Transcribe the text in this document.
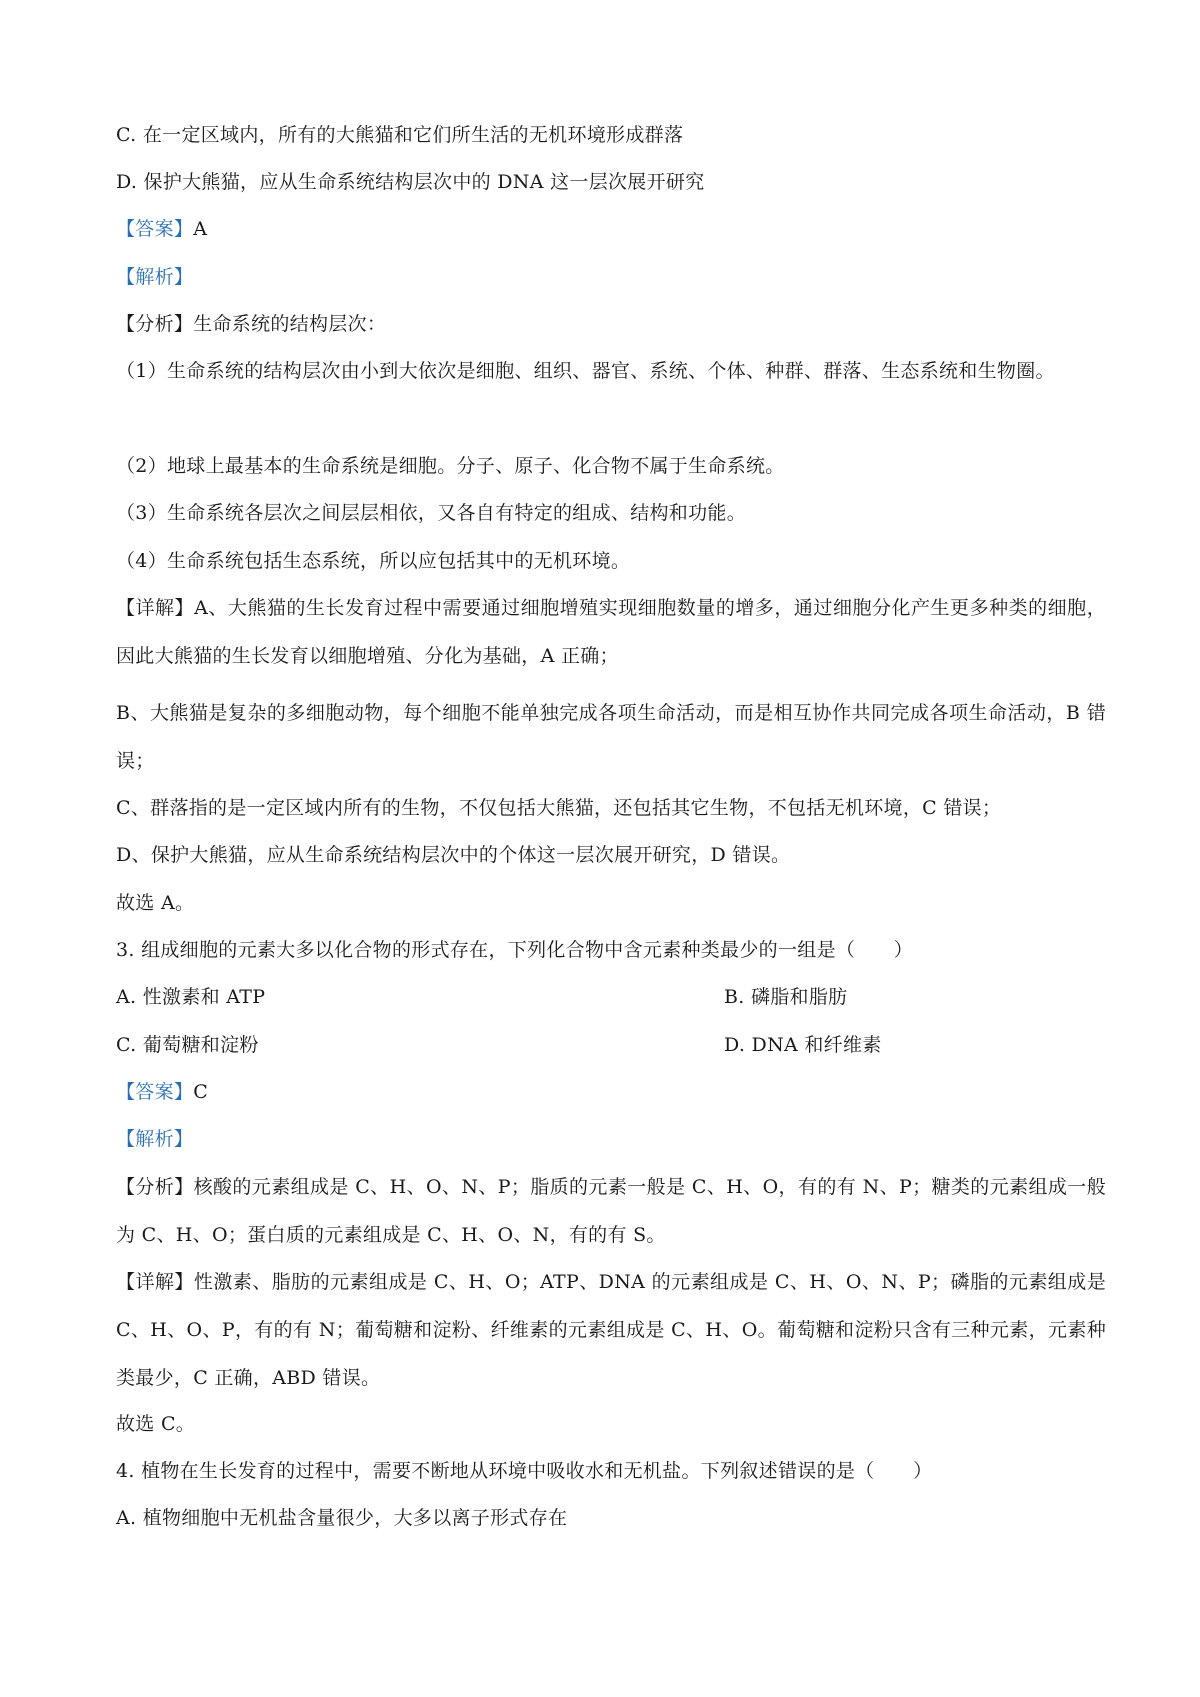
C. 在一定区域内，所有的大熊猫和它们所生活的无机环境形成群落
D. 保护大熊猫，应从生命系统结构层次中的 DNA 这一层次展开研究
【答案】A
【解析】
【分析】生命系统的结构层次：
（1）生命系统的结构层次由小到大依次是细胞、组织、器官、系统、个体、种群、群落、生态系统和生物圈。
（2）地球上最基本的生命系统是细胞。分子、原子、化合物不属于生命系统。
（3）生命系统各层次之间层层相依，又各自有特定的组成、结构和功能。
（4）生命系统包括生态系统，所以应包括其中的无机环境。
【详解】A、大熊猫的生长发育过程中需要通过细胞增殖实现细胞数量的增多，通过细胞分化产生更多种类的细胞，因此大熊猫的生长发育以细胞增殖、分化为基础，A 正确；
B、大熊猫是复杂的多细胞动物，每个细胞不能单独完成各项生命活动，而是相互协作共同完成各项生命活动，B 错误；
C、群落指的是一定区域内所有的生物，不仅包括大熊猫，还包括其它生物，不包括无机环境，C 错误；
D、保护大熊猫，应从生命系统结构层次中的个体这一层次展开研究，D 错误。
故选 A。
3. 组成细胞的元素大多以化合物的形式存在，下列化合物中含元素种类最少的一组是（　　）
A. 性激素和 ATP	B. 磷脂和脂肪
C. 葡萄糖和淀粉	D. DNA 和纤维素
【答案】C
【解析】
【分析】核酸的元素组成是 C、H、O、N、P；脂质的元素一般是 C、H、O，有的有 N、P；糖类的元素组成一般为 C、H、O；蛋白质的元素组成是 C、H、O、N，有的有 S。
【详解】性激素、脂肪的元素组成是 C、H、O；ATP、DNA 的元素组成是 C、H、O、N、P；磷脂的元素组成是 C、H、O、P，有的有 N；葡萄糖和淀粉、纤维素的元素组成是 C、H、O。葡萄糖和淀粉只含有三种元素，元素种类最少，C 正确，ABD 错误。
故选 C。
4. 植物在生长发育的过程中，需要不断地从环境中吸收水和无机盐。下列叙述错误的是（　　）
A. 植物细胞中无机盐含量很少，大多以离子形式存在
